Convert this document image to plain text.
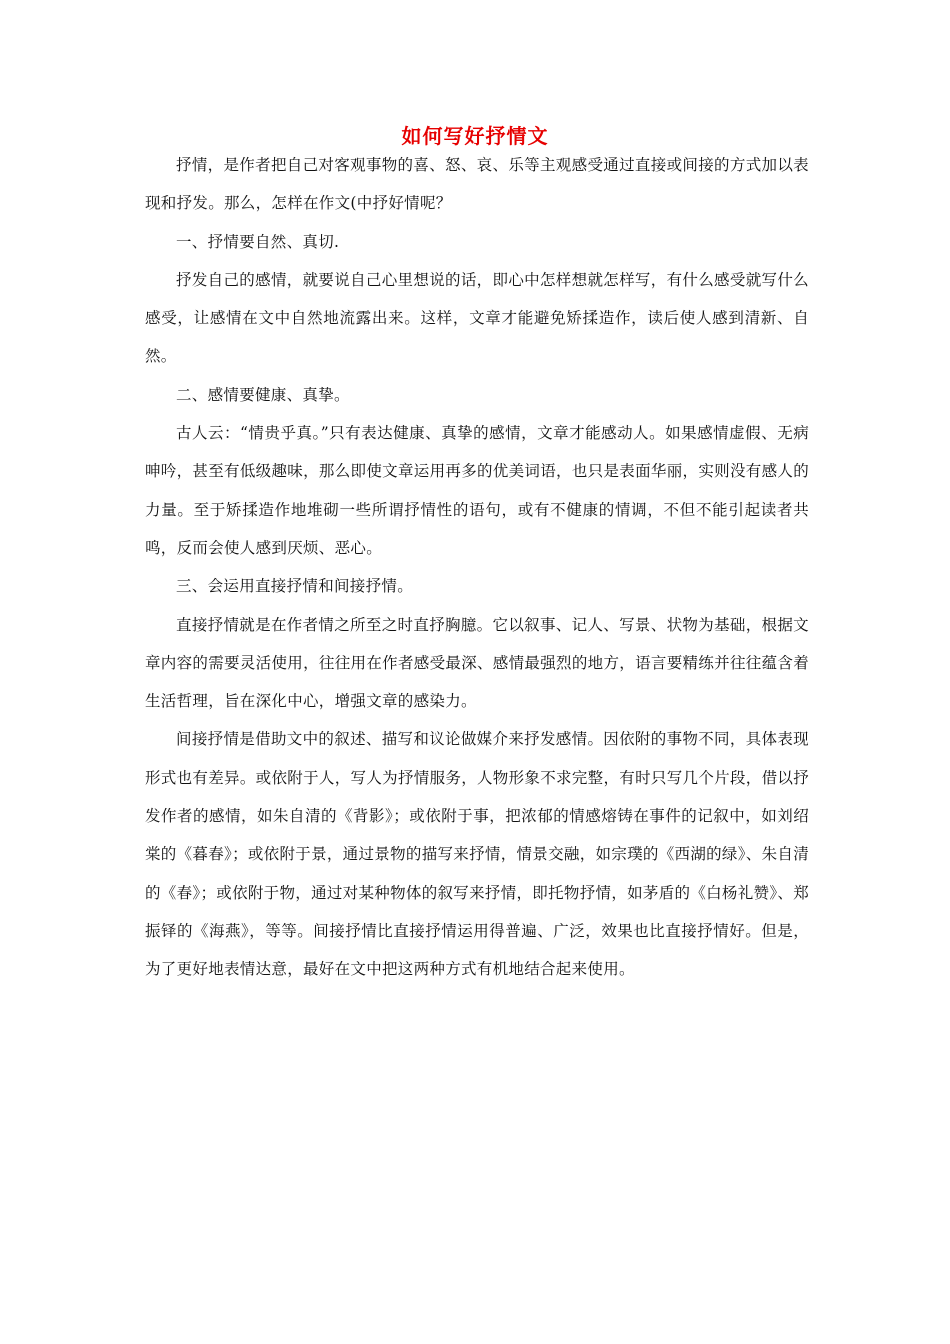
如何写好抒情文

抒情，是作者把自己对客观事物的喜、怒、哀、乐等主观感受通过直接或间接的方式加以表现和抒发。那么，怎样在作文(中抒好情呢？

一、抒情要自然、真切.

抒发自己的感情，就要说自己心里想说的话，即心中怎样想就怎样写，有什么感受就写什么感受，让感情在文中自然地流露出来。这样，文章才能避免矫揉造作，读后使人感到清新、自然。

二、感情要健康、真挚。

古人云：“情贵乎真。”只有表达健康、真挚的感情，文章才能感动人。如果感情虚假、无病呻吟，甚至有低级趣味，那么即使文章运用再多的优美词语，也只是表面华丽，实则没有感人的力量。至于矫揉造作地堆砌一些所谓抒情性的语句，或有不健康的情调，不但不能引起读者共鸣，反而会使人感到厌烦、恶心。

三、会运用直接抒情和间接抒情。

直接抒情就是在作者情之所至之时直抒胸臆。它以叙事、记人、写景、状物为基础，根据文章内容的需要灵活使用，往往用在作者感受最深、感情最强烈的地方，语言要精练并往往蕴含着生活哲理，旨在深化中心，增强文章的感染力。

间接抒情是借助文中的叙述、描写和议论做媒介来抒发感情。因依附的事物不同，具体表现形式也有差异。或依附于人，写人为抒情服务，人物形象不求完整，有时只写几个片段，借以抒发作者的感情，如朱自清的《背影》；或依附于事，把浓郁的情感熔铸在事件的记叙中，如刘绍棠的《暮春》；或依附于景，通过景物的描写来抒情，情景交融，如宗璞的《西湖的绿》、朱自清的《春》；或依附于物，通过对某种物体的叙写来抒情，即托物抒情，如茅盾的《白杨礼赞》、郑振铎的《海燕》，等等。间接抒情比直接抒情运用得普遍、广泛，效果也比直接抒情好。但是，为了更好地表情达意，最好在文中把这两种方式有机地结合起来使用。
